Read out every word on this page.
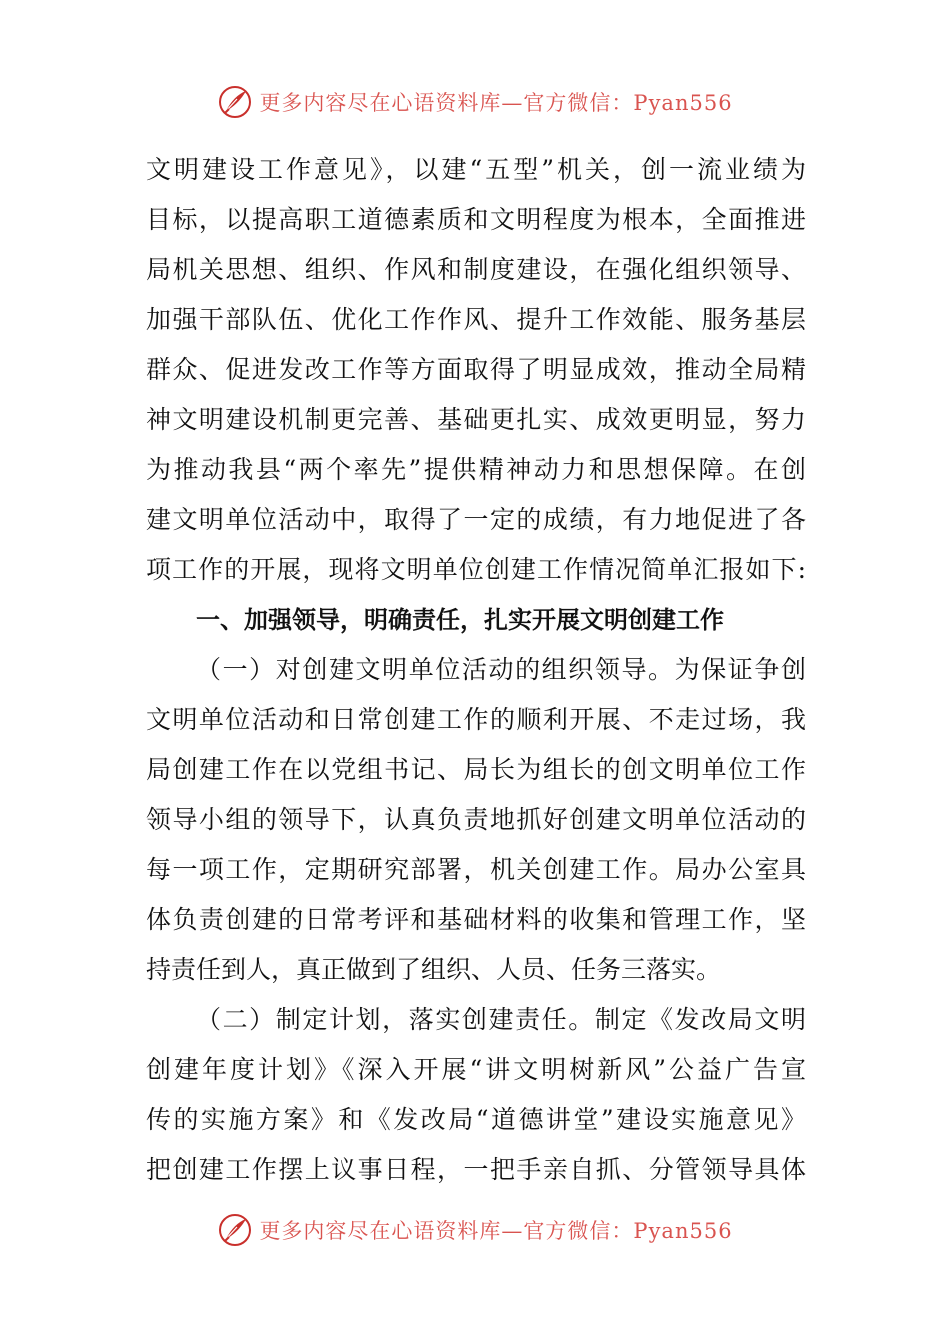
更多内容尽在心语资料库—官方微信：Pyan556
文明建设工作意见》，以建“五型”机关，创一流业绩为
目标，以提高职工道德素质和文明程度为根本，全面推进
局机关思想、组织、作风和制度建设，在强化组织领导、
加强干部队伍、优化工作作风、提升工作效能、服务基层
群众、促进发改工作等方面取得了明显成效，推动全局精
神文明建设机制更完善、基础更扎实、成效更明显，努力
为推动我县“两个率先”提供精神动力和思想保障。在创
建文明单位活动中，取得了一定的成绩，有力地促进了各
项工作的开展，现将文明单位创建工作情况简单汇报如下:
一、加强领导，明确责任，扎实开展文明创建工作
（一）对创建文明单位活动的组织领导。为保证争创
文明单位活动和日常创建工作的顺利开展、不走过场，我
局创建工作在以党组书记、局长为组长的创文明单位工作
领导小组的领导下，认真负责地抓好创建文明单位活动的
每一项工作，定期研究部署，机关创建工作。局办公室具
体负责创建的日常考评和基础材料的收集和管理工作，坚
持责任到人，真正做到了组织、人员、任务三落实。
（二）制定计划，落实创建责任。制定《发改局文明
创建年度计划》《深入开展“讲文明树新风”公益广告宣
传的实施方案》和《发改局“道德讲堂”建设实施意见》
把创建工作摆上议事日程，一把手亲自抓、分管领导具体
更多内容尽在心语资料库—官方微信：Pyan556
